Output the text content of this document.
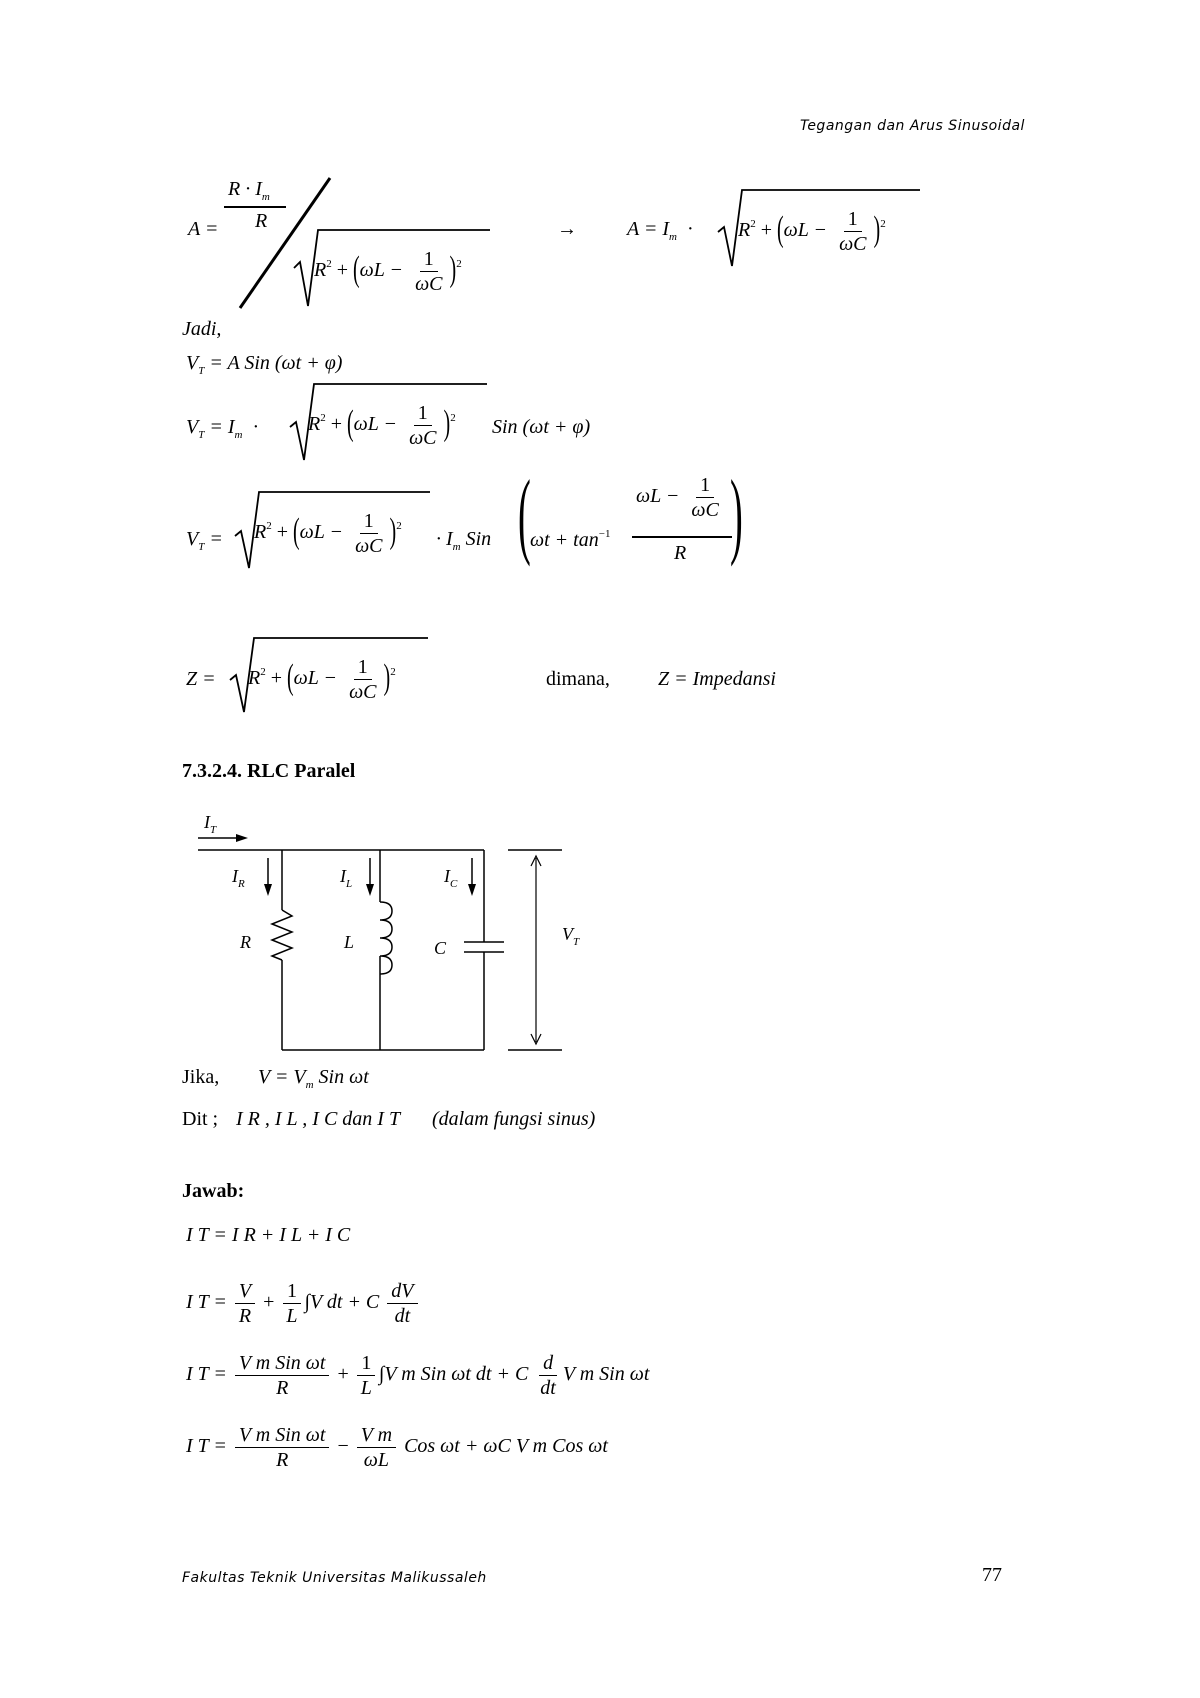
Tegangan dan Arus Sinusoidal
A =
$R \cdot I_m$
R
$R^2 + (\omega L - \frac{1}{\omega C} )^2$
→	$A = I_m \cdot R^2 + (\omega L - \frac{1}{\omega C} )^2$
Jadi,
$V_T = A$ Sin (ωt + φ)
$V_T = I_m \cdot R^2 + (\omega L - \frac{1}{\omega C} )^2$ Sin (ωt + φ)
$V_T = R^2 + (\omega L - \frac{1}{\omega C} )^2$
· $I_m$ Sin ( $\omega t + \tan^{-1}$
$\omega L - \frac{1}{\omega C}$
R )
$Z = R^2 + (\omega L - \frac{1}{\omega C} )^2$	dimana, Z = Impedansi
7.3.2.4. RLC Paralel
$I_T$
$I_R$	$I_L$	$I_C$
R	L	C
$V_T$
Jika, $V = V_m$ Sin ωt
Dit ; I R , I L , I C dan I T (dalam fungsi sinus)
Jawab:
I T = I R + I L + I C
I $T = \frac{V}{R} + \frac{1}{L} \int V$ dt + C $\frac{dV}{dt}$
I $T = \frac{\text{V m Sin ωt}}{R} + \frac{1}{L} \int V$ m Sin ωt dt + C $\frac{d}{dt}$ V m Sin ωt
I $T = \frac{\text{V m Sin ωt}}{R} - \frac{\text{V m}}{\omega L}$ Cos ωt + ωC V m Cos ωt
Fakultas Teknik Universitas Malikussaleh	77
